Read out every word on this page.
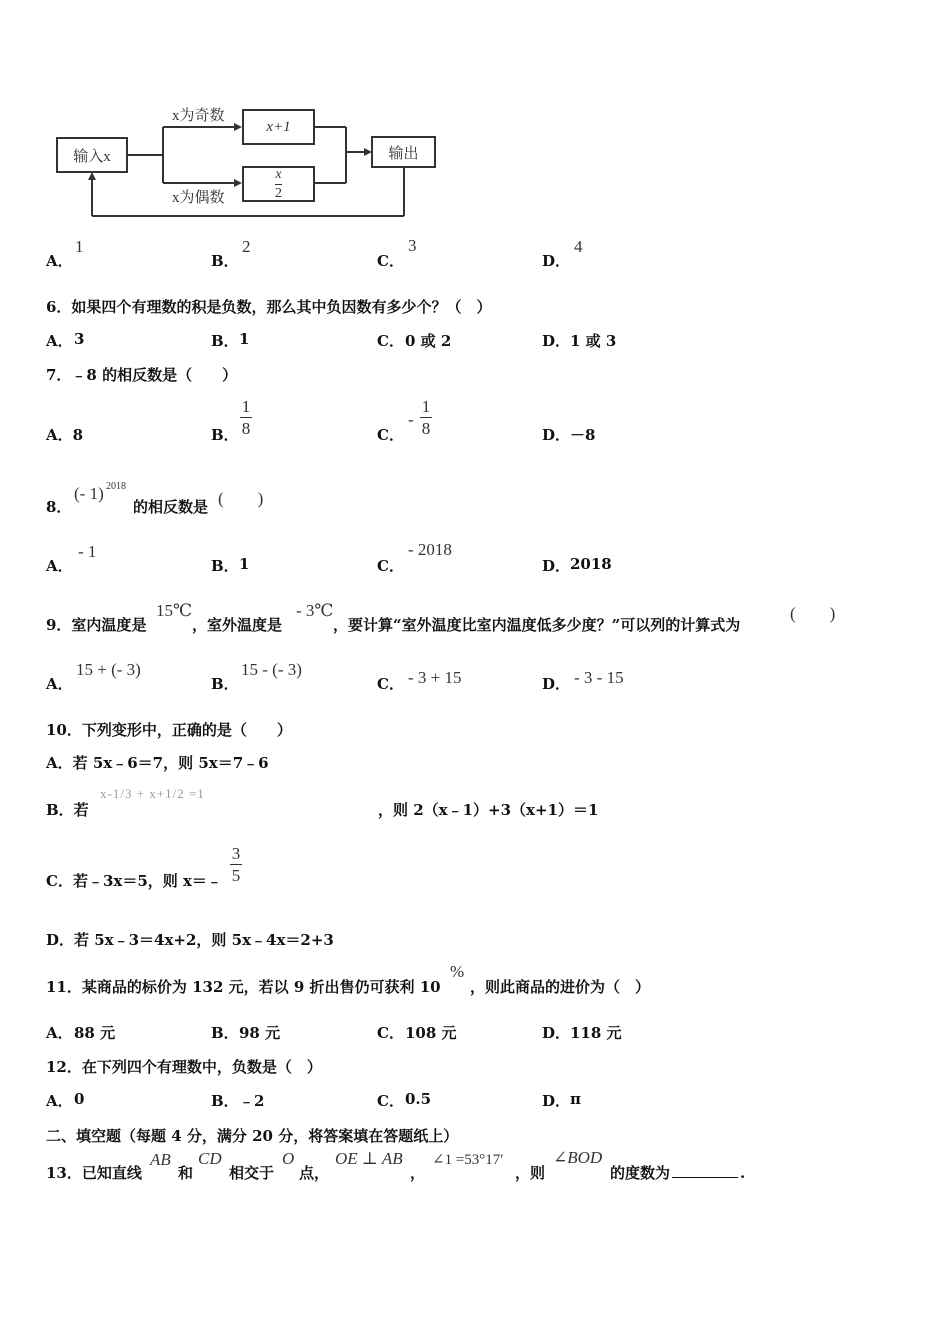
输入x
x为奇数
x为偶数
x+1
$\frac{x}{2}$
输出
A．
1
B．
2
C．
3
D．
4
6．如果四个有理数的积是负数，那么其中负因数有多少个？（　）
A． 3	B． 1	C． 0 或 2	D． 1 或 3
7．﹣8 的相反数是（　　）
A．8	B．
1
8	C．
-
1
8	D．－8
8．
(- 1) 2018
的相反数是 (　　)
A．
- 1
B． 1	C．
- 2018
D． 2018
9．室内温度是
15℃
，室外温度是
- 3℃
，要计算“室外温度比室内温度低多少度？”可以列的计算式为
(　　)
A．
15 + (- 3)
B．
15 - (- 3)
C． - 3 + 15	D． - 3 - 15
10．下列变形中，正确的是（　　）
A．若 5x﹣6＝7，则 5x＝7﹣6
B．若
x-1/3 + x+1/2 =1
，则 2（x﹣1）+3（x+1）＝1
C．若﹣3x＝5，则 x＝﹣
3
5
D．若 5x﹣3＝4x+2，则 5x﹣4x＝2+3
11．某商品的标价为 132 元，若以 9 折出售仍可获利 10
%
，则此商品的进价为（　）
A． 88 元	B． 98 元	C． 108 元	D． 118 元
12．在下列四个有理数中，负数是（　）
A． 0	B． ﹣2	C． 0.5	D． π
二、填空题（每题 4 分，满分 20 分，将答案填在答题纸上）
13．已知直线
AB
和
CD
相交于
O
点，
OE ⊥ AB
，
∠1 =53°17′
，则
∠BOD
的度数为	.
